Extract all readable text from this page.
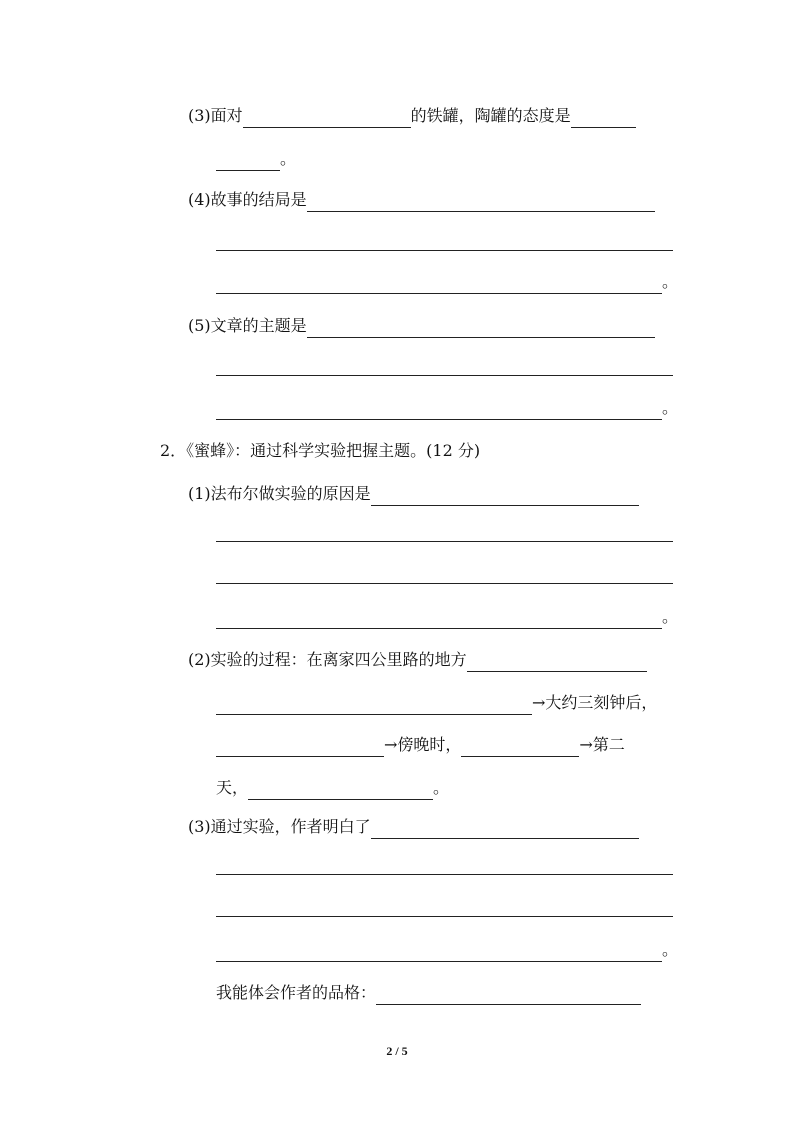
(3)面对	的铁罐，陶罐的态度是
。
(4)故事的结局是
。
(5)文章的主题是
。
2．《蜜蜂》：通过科学实验把握主题。(12 分)
(1)法布尔做实验的原因是
。
(2)实验的过程：在离家四公里路的地方
→大约三刻钟后，
→傍晚时，	→第二
天，	。
(3)通过实验，作者明白了
。
我能体会作者的品格：
2 / 5
